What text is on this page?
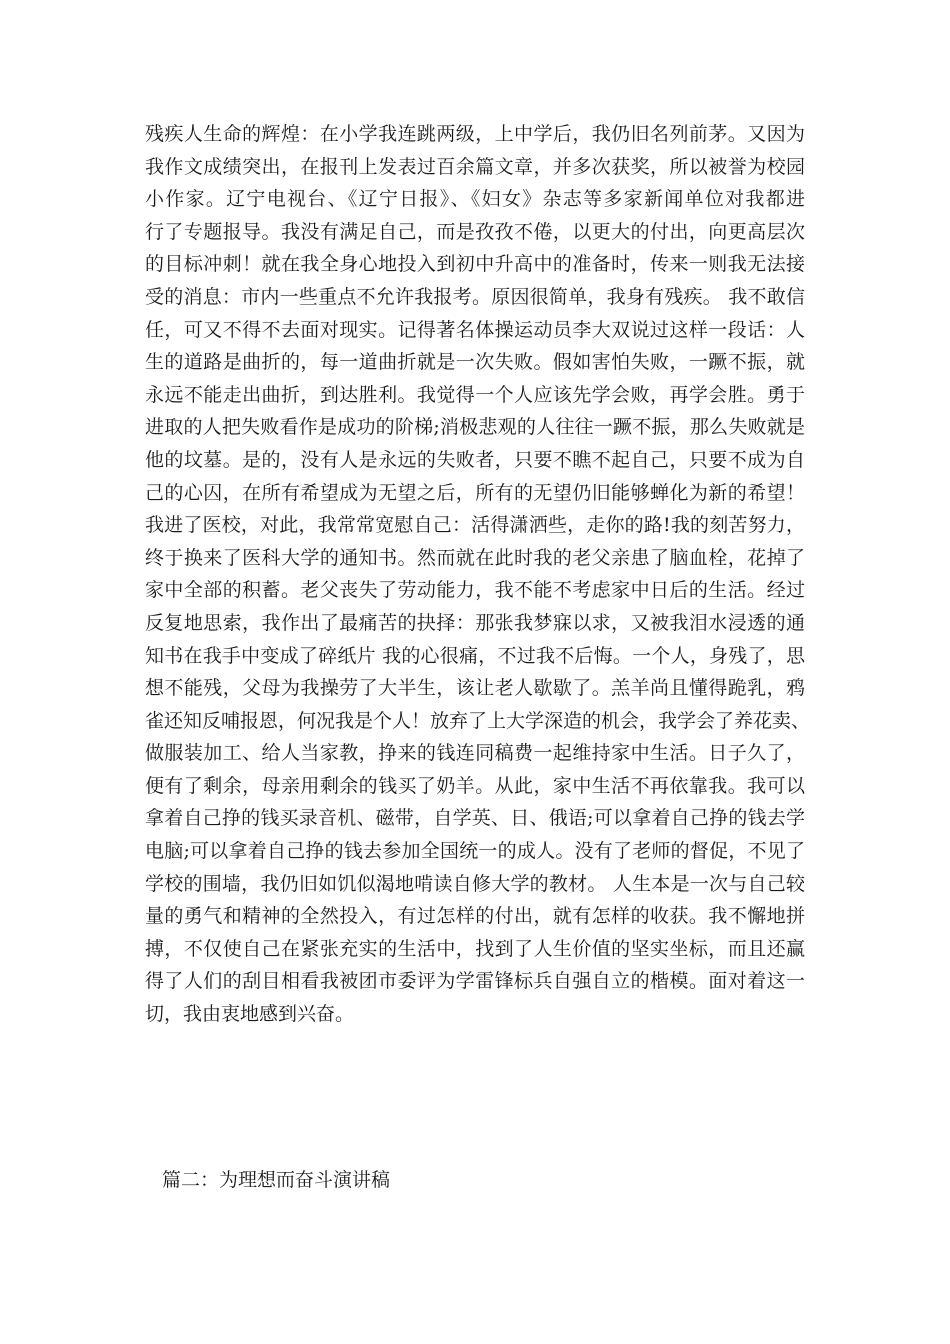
残疾人生命的辉煌：在小学我连跳两级，上中学后，我仍旧名列前茅。又因为
我作文成绩突出，在报刊上发表过百余篇文章，并多次获奖，所以被誉为校园
小作家。辽宁电视台、《辽宁日报》、《妇女》杂志等多家新闻单位对我都进
行了专题报导。我没有满足自己，而是孜孜不倦，以更大的付出，向更高层次
的目标冲刺！就在我全身心地投入到初中升高中的准备时，传来一则我无法接
受的消息：市内一些重点不允许我报考。原因很简单，我身有残疾。 我不敢信
任，可又不得不去面对现实。记得著名体操运动员李大双说过这样一段话：人
生的道路是曲折的，每一道曲折就是一次失败。假如害怕失败，一蹶不振，就
永远不能走出曲折，到达胜利。我觉得一个人应该先学会败，再学会胜。勇于
进取的人把失败看作是成功的阶梯;消极悲观的人往往一蹶不振，那么失败就是
他的坟墓。是的，没有人是永远的失败者，只要不瞧不起自己，只要不成为自
己的心囚，在所有希望成为无望之后，所有的无望仍旧能够蝉化为新的希望！
我进了医校，对此，我常常宽慰自己：活得潇洒些，走你的路!我的刻苦努力，
终于换来了医科大学的通知书。然而就在此时我的老父亲患了脑血栓，花掉了
家中全部的积蓄。老父丧失了劳动能力，我不能不考虑家中日后的生活。经过
反复地思索，我作出了最痛苦的抉择：那张我梦寐以求，又被我泪水浸透的通
知书在我手中变成了碎纸片 我的心很痛，不过我不后悔。一个人，身残了，思
想不能残，父母为我操劳了大半生，该让老人歇歇了。羔羊尚且懂得跪乳，鸦
雀还知反哺报恩，何况我是个人！放弃了上大学深造的机会，我学会了养花卖、
做服装加工、给人当家教，挣来的钱连同稿费一起维持家中生活。日子久了，
便有了剩余，母亲用剩余的钱买了奶羊。从此，家中生活不再依靠我。我可以
拿着自己挣的钱买录音机、磁带，自学英、日、俄语;可以拿着自己挣的钱去学
电脑;可以拿着自己挣的钱去参加全国统一的成人。没有了老师的督促，不见了
学校的围墙，我仍旧如饥似渴地啃读自修大学的教材。 人生本是一次与自己较
量的勇气和精神的全然投入，有过怎样的付出，就有怎样的收获。我不懈地拼
搏，不仅使自己在紧张充实的生活中，找到了人生价值的坚实坐标，而且还赢
得了人们的刮目相看我被团市委评为学雷锋标兵自强自立的楷模。面对着这一
切，我由衷地感到兴奋。
篇二：为理想而奋斗演讲稿
